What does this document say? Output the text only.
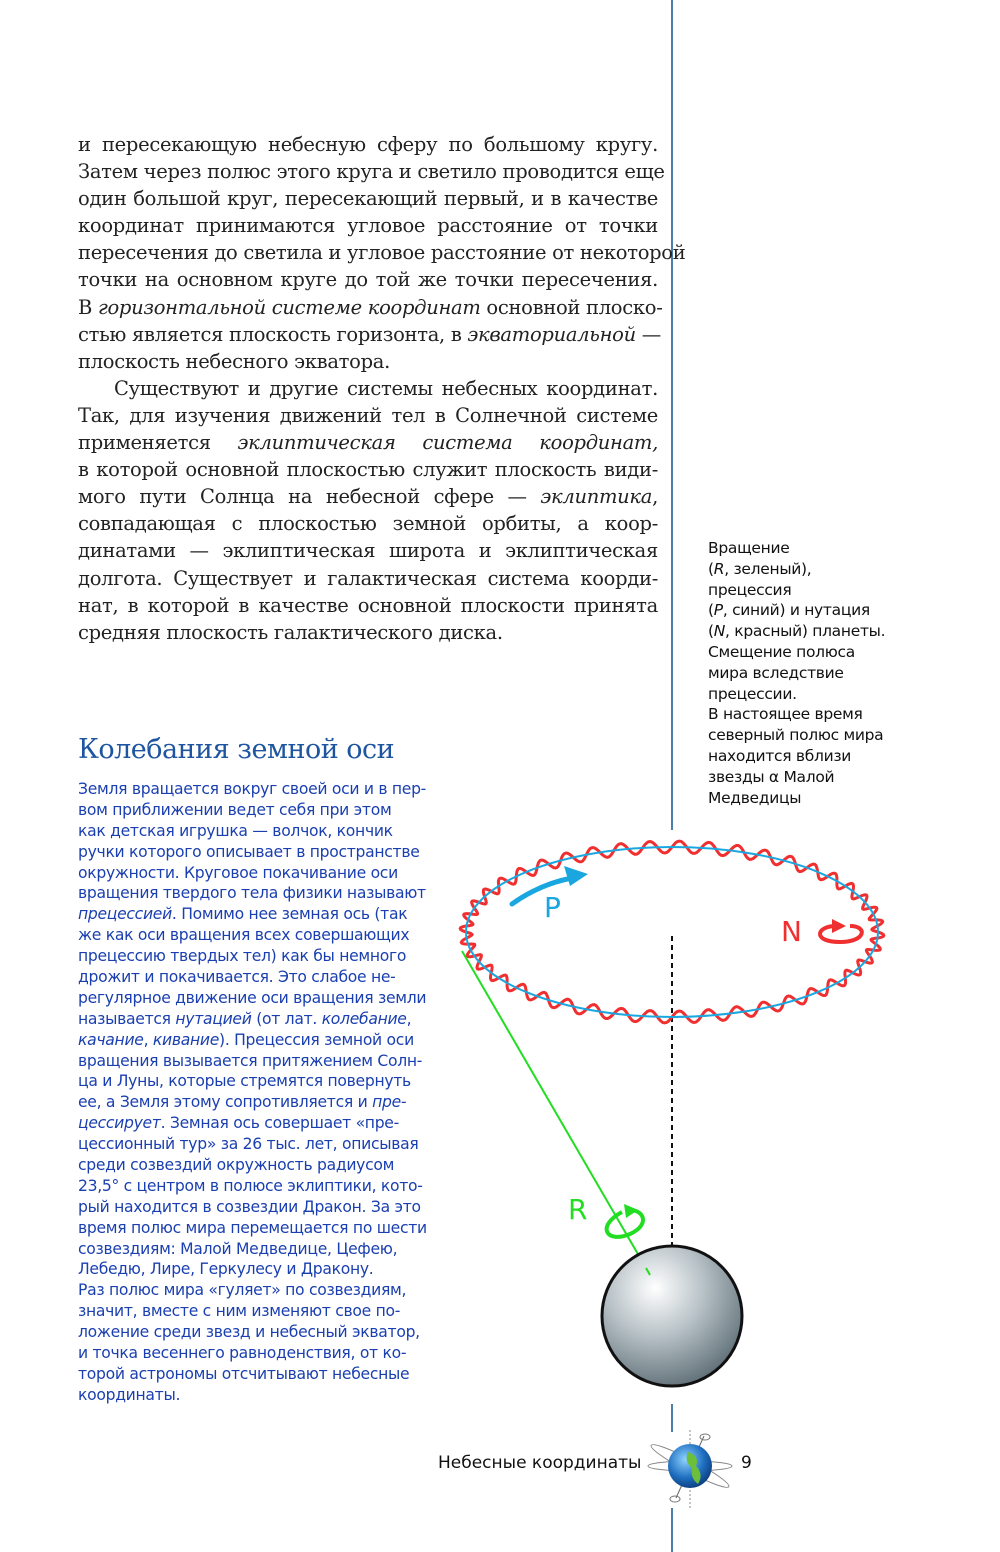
и пересекающую небесную сферу по большому кругу.
Затем через полюс этого круга и светило проводится еще
один большой круг, пересекающий первый, и в качестве
координат принимаются угловое расстояние от точки
пересечения до светила и угловое расстояние от некоторой
точки на основном круге до той же точки пересечения.
В горизонтальной системе координат основной плоско-
стью является плоскость горизонта, в экваториальной —
плоскость небесного экватора.
Существуют и другие системы небесных координат.
Так, для изучения движений тел в Солнечной системе
применяется эклиптическая система координат,
в которой основной плоскостью служит плоскость види-
мого пути Солнца на небесной сфере — эклиптика,
совпадающая с плоскостью земной орбиты, а коор-
динатами — эклиптическая широта и эклиптическая
долгота. Существует и галактическая система коорди-
нат, в которой в качестве основной плоскости принята
средняя плоскость галактического диска.
Колебания земной оси
Земля вращается вокруг своей оси и в пер-
вом приближении ведет себя при этом
как детская игрушка — волчок, кончик
ручки которого описывает в пространстве
окружности. Круговое покачивание оси
вращения твердого тела физики называют
прецессией. Помимо нее земная ось (так
же как оси вращения всех совершающих
прецессию твердых тел) как бы немного
дрожит и покачивается. Это слабое не-
регулярное движение оси вращения земли
называется нутацией (от лат. колебание,
качание, кивание). Прецессия земной оси
вращения вызывается притяжением Солн-
ца и Луны, которые стремятся повернуть
ее, а Земля этому сопротивляется и пре-
цессирует. Земная ось совершает «пре-
цессионный тур» за 26 тыс. лет, описывая
среди созвездий окружность радиусом
23,5° с центром в полюсе эклиптики, кото-
рый находится в созвездии Дракон. За это
время полюс мира перемещается по шести
созвездиям: Малой Медведице, Цефею,
Лебедю, Лире, Геркулесу и Дракону.
Раз полюс мира «гуляет» по созвездиям,
значит, вместе с ним изменяют свое по-
ложение среди звезд и небесный экватор,
и точка весеннего равноденствия, от ко-
торой астрономы отсчитывают небесные
координаты.
Вращение
(R, зеленый),
прецессия
(P, синий) и нутация
(N, красный) планеты.
Смещение полюса
мира вследствие
прецессии.
В настоящее время
северный полюс мира
находится вблизи
звезды α Малой
Медведицы
P
N
R
Небесные координаты	9
